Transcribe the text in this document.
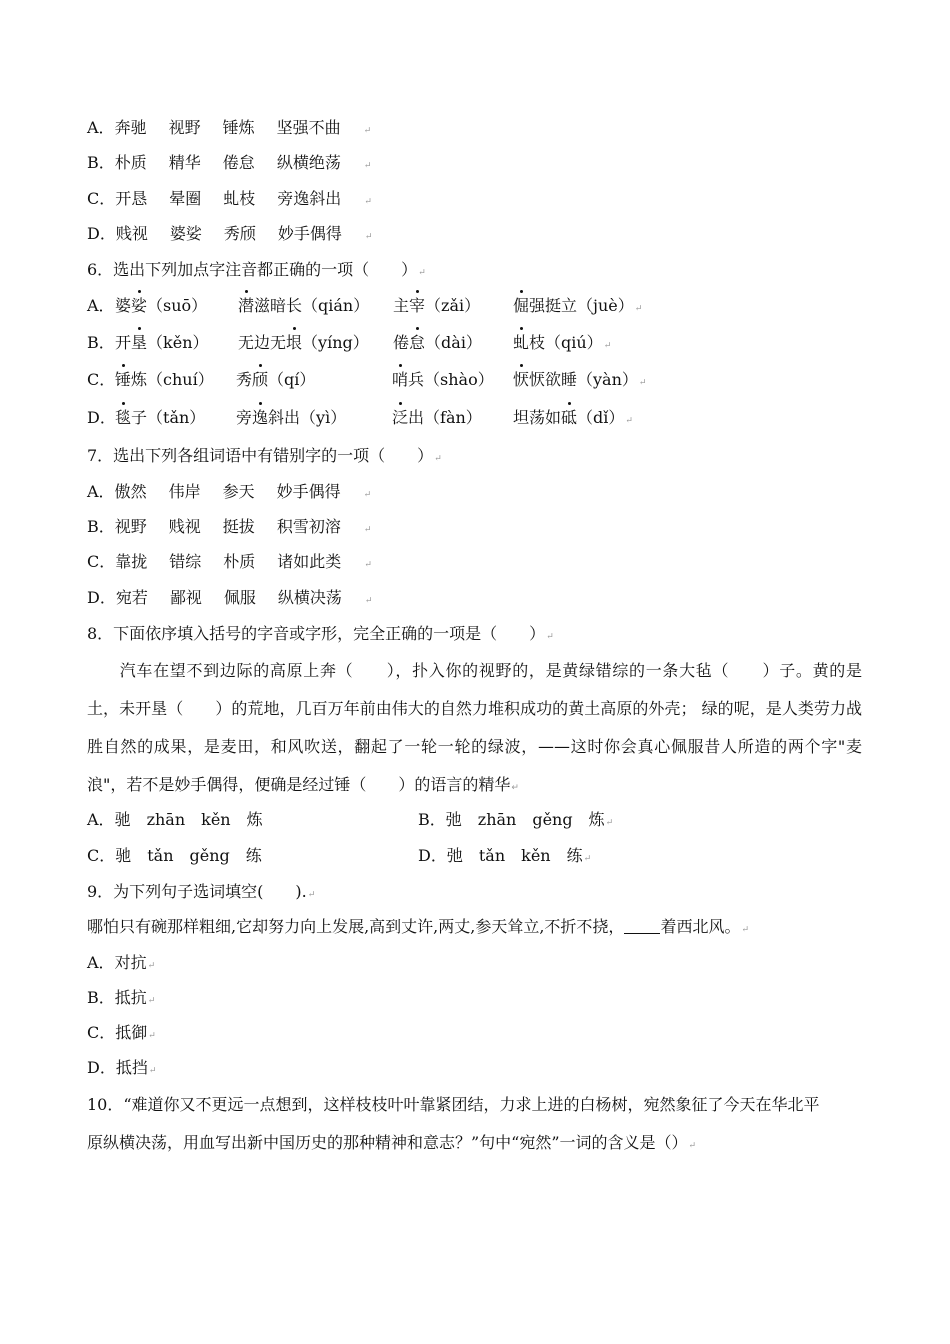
A．奔驰 视野 锤炼 坚强不曲	↵
B．朴质 精华 倦怠 纵横绝荡	↵
C．开恳 晕圈 虬枝 旁逸斜出	↵
D．贱视 婆娑 秀颀 妙手偶得	↵
6．选出下列加点字注音都正确的一项（　　）↵
A． 婆娑（suō） 潜滋暗长（qián） 主宰（zǎi） 倔强挺立（juè）↵
B． 开垦（kěn） 无边无垠（yíng） 倦怠（dài） 虬枝（qiú）↵
C． 锤炼（chuí） 秀颀（qí）	哨兵（shào） 恹恹欲睡（yàn）↵
D． 毯子（tǎn） 旁逸斜出（yì）	泛出（fàn） 坦荡如砥（dǐ）↵
7．选出下列各组词语中有错别字的一项（　　）↵
A．傲然 伟岸 参天 妙手偶得	↵
B．视野 贱视 挺拔 积雪初溶	↵
C．靠拢 错综 朴质 诸如此类	↵
D．宛若 鄙视 佩服 纵横决荡	↵
8．下面依序填入括号的字音或字形，完全正确的一项是（　　）↵
汽车在望不到边际的高原上奔（　　），扑入你的视野的，是黄绿错综的一条大毡（　　）子。黄的是土，未开垦（　　）的荒地，几百万年前由伟大的自然力堆积成功的黄土高原的外壳； 绿的呢，是人类劳力战胜自然的成果，是麦田，和风吹送，翻起了一轮一轮的绿波，——这时你会真心佩服昔人所造的两个字"麦浪"，若不是妙手偶得，便确是经过锤（　　）的语言的精华↵
A．驰　zhān　kěn　炼	B．弛　zhān　gěng　炼↵
C．驰　tǎn　gěng　练	D．弛　tǎn　kěn　练↵
9．为下列句子选词填空(　　).↵
哪怕只有碗那样粗细,它却努力向上发展,高到丈许,两丈,参天耸立,不折不挠， 着西北风。↵
A．对抗↵
B．抵抗↵
C．抵御↵
D．抵挡↵
10．“难道你又不更远一点想到，这样枝枝叶叶靠紧团结，力求上进的白杨树，宛然象征了今天在华北平
原纵横决荡，用血写出新中国历史的那种精神和意志？”句中“宛然”一词的含义是（）↵
